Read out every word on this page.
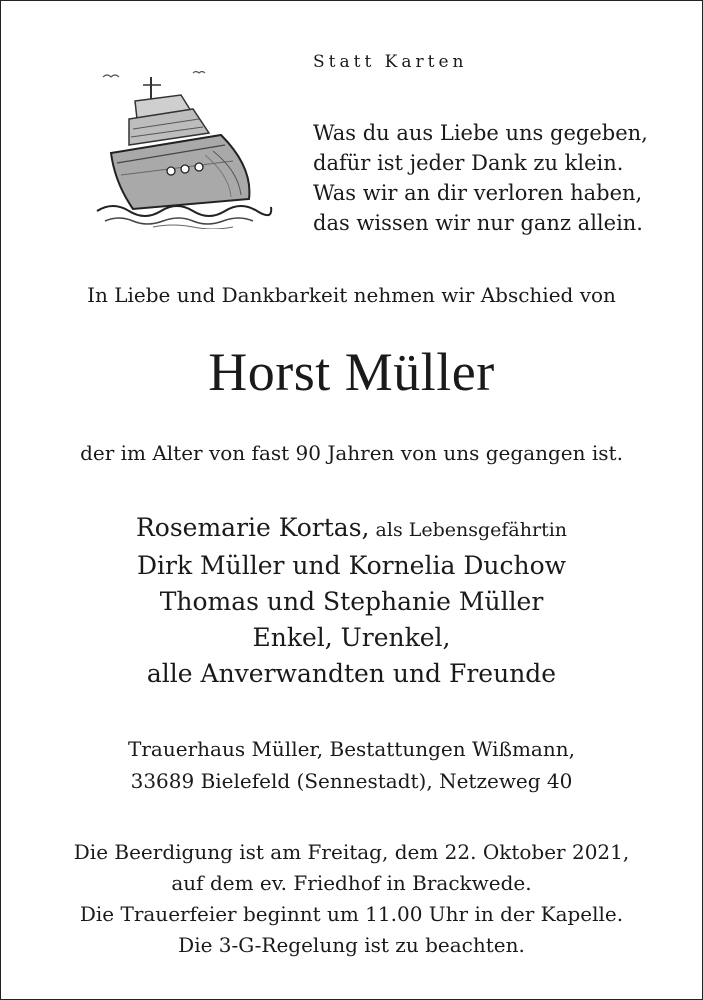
Statt Karten
Was du aus Liebe uns gegeben,
dafür ist jeder Dank zu klein.
Was wir an dir verloren haben,
das wissen wir nur ganz allein.
In Liebe und Dankbarkeit nehmen wir Abschied von
Horst Müller
der im Alter von fast 90 Jahren von uns gegangen ist.
Rosemarie Kortas, als Lebensgefährtin
Dirk Müller und Kornelia Duchow
Thomas und Stephanie Müller
Enkel, Urenkel,
alle Anverwandten und Freunde
Trauerhaus Müller, Bestattungen Wißmann,
33689 Bielefeld (Sennestadt), Netzeweg 40
Die Beerdigung ist am Freitag, dem 22. Oktober 2021,
auf dem ev. Friedhof in Brackwede.
Die Trauerfeier beginnt um 11.00 Uhr in der Kapelle.
Die 3-G-Regelung ist zu beachten.
